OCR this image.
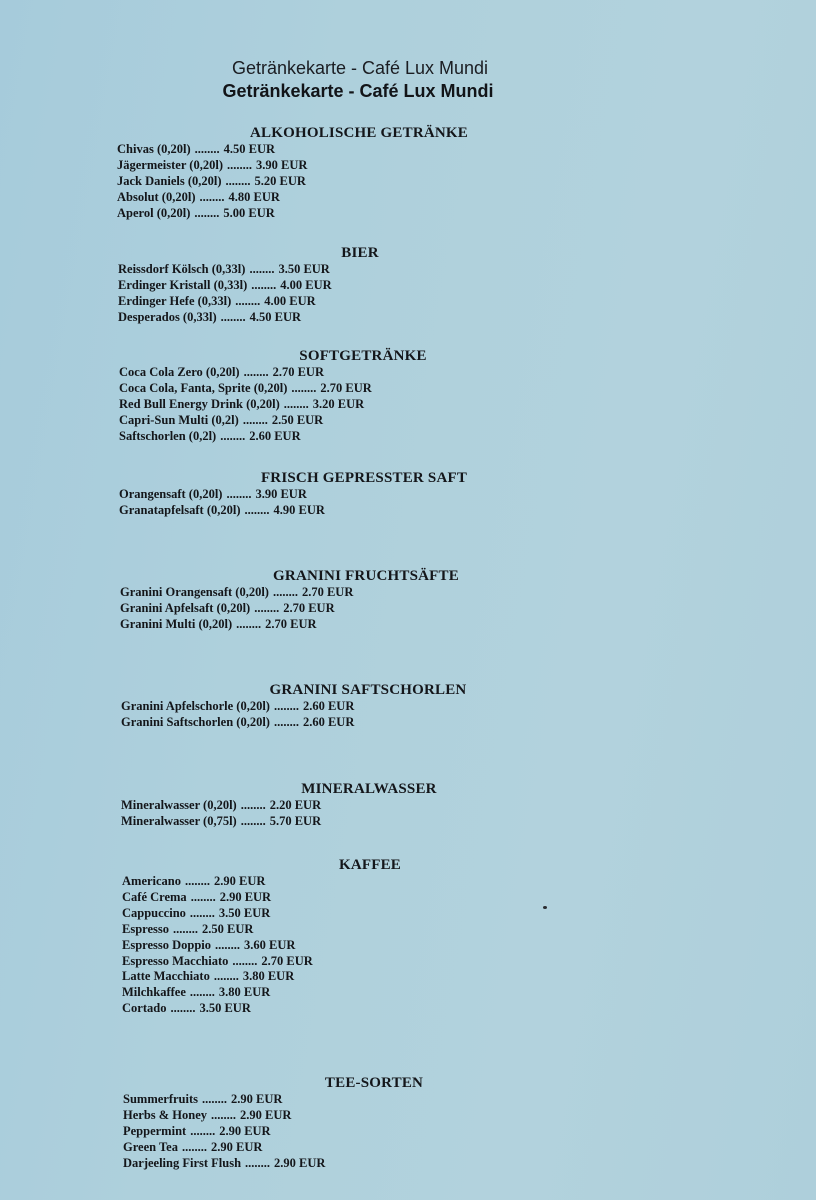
Getränkekarte - Café Lux Mundi
Getränkekarte - Café Lux Mundi
ALKOHOLISCHE GETRÄNKE
Chivas (0,20l) ........ 4.50 EUR
Jägermeister (0,20l) ........ 3.90 EUR
Jack Daniels (0,20l) ........ 5.20 EUR
Absolut (0,20l) ........ 4.80 EUR
Aperol (0,20l) ........ 5.00 EUR
BIER
Reissdorf Kölsch (0,33l) ........ 3.50 EUR
Erdinger Kristall (0,33l) ........ 4.00 EUR
Erdinger Hefe (0,33l) ........ 4.00 EUR
Desperados (0,33l) ........ 4.50 EUR
SOFTGETRÄNKE
Coca Cola Zero (0,20l) ........ 2.70 EUR
Coca Cola, Fanta, Sprite (0,20l) ........ 2.70 EUR
Red Bull Energy Drink (0,20l) ........ 3.20 EUR
Capri-Sun Multi (0,2l) ........ 2.50 EUR
Saftschorlen (0,2l) ........ 2.60 EUR
FRISCH GEPRESSTER SAFT
Orangensaft (0,20l) ........ 3.90 EUR
Granatapfelsaft (0,20l) ........ 4.90 EUR
GRANINI FRUCHTSÄFTE
Granini Orangensaft (0,20l) ........ 2.70 EUR
Granini Apfelsaft (0,20l) ........ 2.70 EUR
Granini Multi (0,20l) ........ 2.70 EUR
GRANINI SAFTSCHORLEN
Granini Apfelschorle (0,20l) ........ 2.60 EUR
Granini Saftschorlen (0,20l) ........ 2.60 EUR
MINERALWASSER
Mineralwasser (0,20l) ........ 2.20 EUR
Mineralwasser (0,75l) ........ 5.70 EUR
KAFFEE
Americano ........ 2.90 EUR
Café Crema ........ 2.90 EUR
Cappuccino ........ 3.50 EUR
Espresso ........ 2.50 EUR
Espresso Doppio ........ 3.60 EUR
Espresso Macchiato ........ 2.70 EUR
Latte Macchiato ........ 3.80 EUR
Milchkaffee ........ 3.80 EUR
Cortado ........ 3.50 EUR
TEE-SORTEN
Summerfruits ........ 2.90 EUR
Herbs & Honey ........ 2.90 EUR
Peppermint ........ 2.90 EUR
Green Tea ........ 2.90 EUR
Darjeeling First Flush ........ 2.90 EUR
